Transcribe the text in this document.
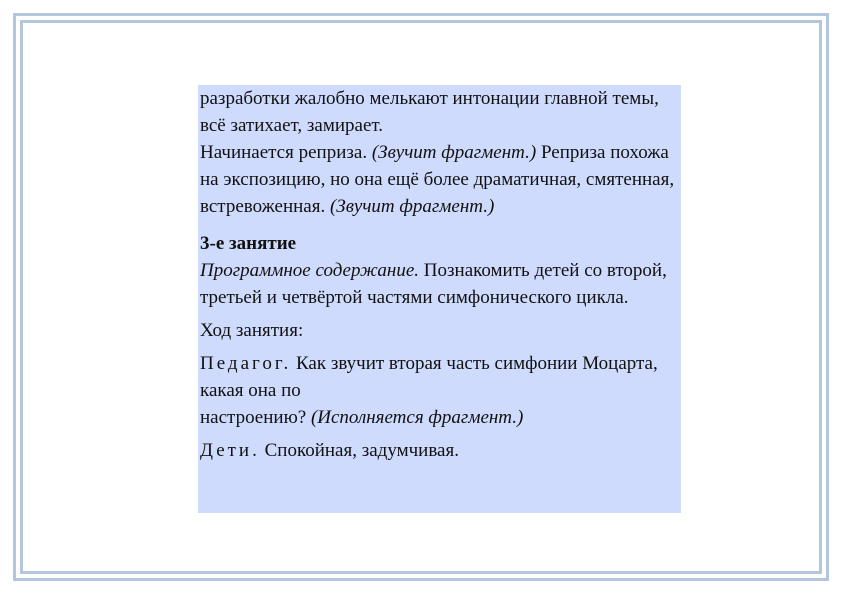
разработки жалобно мелькают интонации главной темы, всё затихает, замирает.

Начинается реприза. (Звучит фрагмент.) Реприза похожа на экспозицию, но она ещё более драматичная, смятенная, встревоженная. (Звучит фрагмент.)

3-е занятие

Программное содержание. Познакомить детей со второй, третьей и четвёртой частями симфонического цикла.

Ход занятия:

Педагог. Как звучит вторая часть симфонии Моцарта, какая она по
настроению? (Исполняется фрагмент.)

Дети. Спокойная, задумчивая.
